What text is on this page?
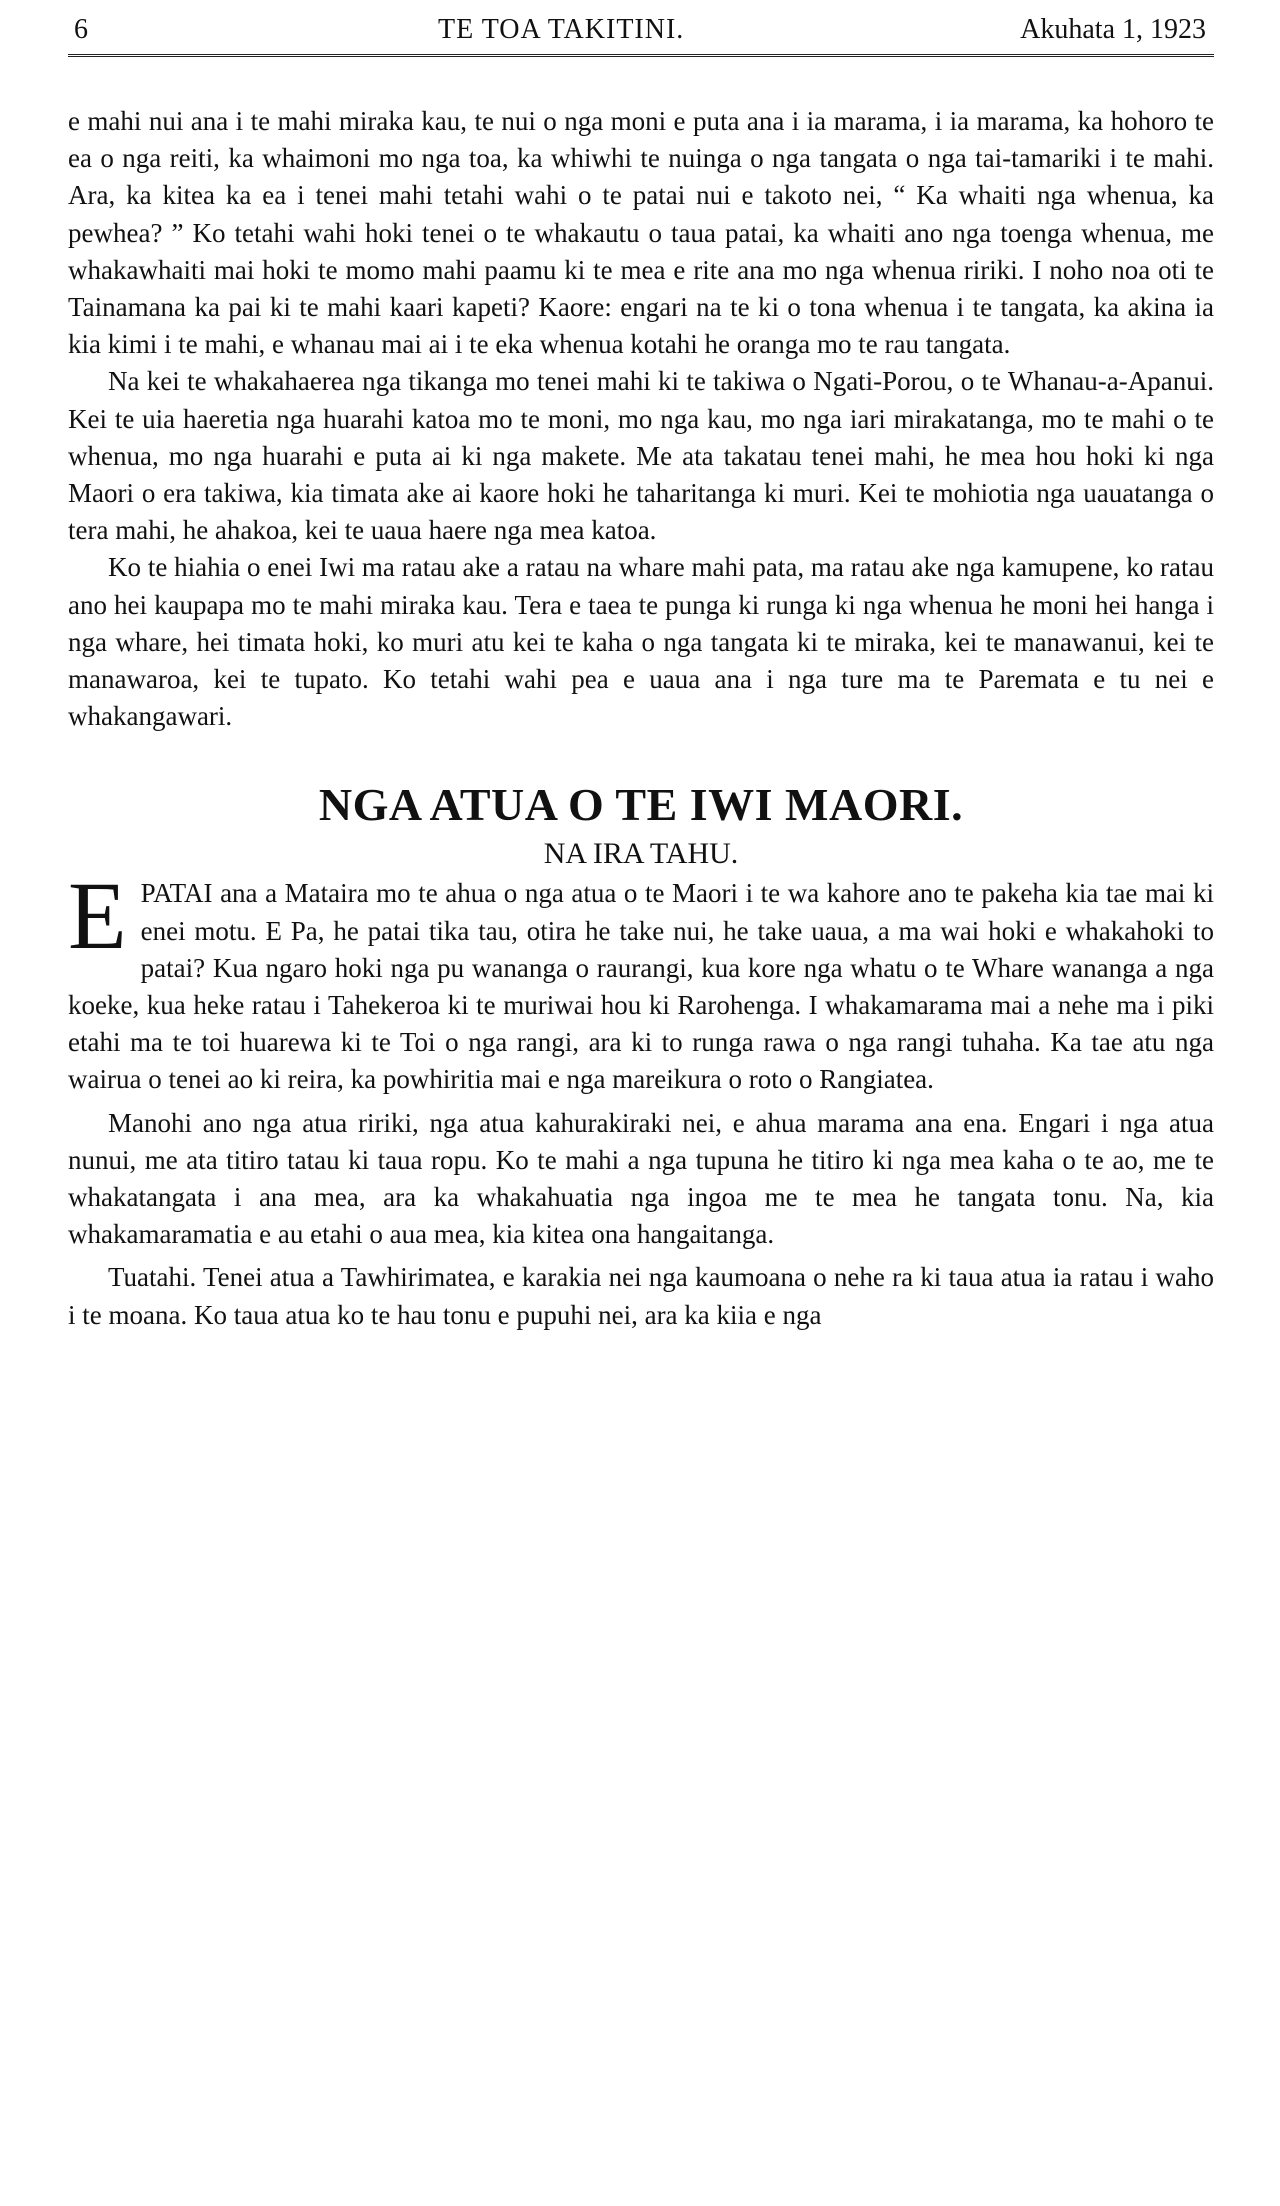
6	TE TOA TAKITINI.	Akuhata 1, 1923

e mahi nui ana i te mahi miraka kau, te nui o nga moni e puta ana i ia marama, i ia marama, ka hohoro te ea o nga reiti, ka whaimoni mo nga toa, ka whiwhi te nuinga o nga tangata o nga tai-tamariki i te mahi. Ara, ka kitea ka ea i tenei mahi tetahi wahi o te patai nui e takoto nei, “ Ka whaiti nga whenua, ka pewhea? ” Ko tetahi wahi hoki tenei o te whakautu o taua patai, ka whaiti ano nga toenga whenua, me whakawhaiti mai hoki te momo mahi paamu ki te mea e rite ana mo nga whenua ririki. I noho noa oti te Tainamana ka pai ki te mahi kaari kapeti? Kaore: engari na te ki o tona whenua i te tangata, ka akina ia kia kimi i te mahi, e whanau mai ai i te eka whenua kotahi he oranga mo te rau tangata.

Na kei te whakahaerea nga tikanga mo tenei mahi ki te takiwa o Ngati-Porou, o te Whanau-a-Apanui. Kei te uia haeretia nga huarahi katoa mo te moni, mo nga kau, mo nga iari mirakatanga, mo te mahi o te whenua, mo nga huarahi e puta ai ki nga makete. Me ata takatau tenei mahi, he mea hou hoki ki nga Maori o era takiwa, kia timata ake ai kaore hoki he taharitanga ki muri. Kei te mohiotia nga uauatanga o tera mahi, he ahakoa, kei te uaua haere nga mea katoa.

Ko te hiahia o enei Iwi ma ratau ake a ratau na whare mahi pata, ma ratau ake nga kamupene, ko ratau ano hei kaupapa mo te mahi miraka kau. Tera e taea te punga ki runga ki nga whenua he moni hei hanga i nga whare, hei timata hoki, ko muri atu kei te kaha o nga tangata ki te miraka, kei te manawanui, kei te manawaroa, kei te tupato. Ko tetahi wahi pea e uaua ana i nga ture ma te Paremata e tu nei e whakangawari.

NGA ATUA O TE IWI MAORI.
NA IRA TAHU.

EPATAI ana a Mataira mo te ahua o nga atua o te Maori i te wa kahore ano te pakeha kia tae mai ki enei motu. E Pa, he patai tika tau, otira he take nui, he take uaua, a ma wai hoki e whakahoki to patai? Kua ngaro hoki nga pu wananga o raurangi, kua kore nga whatu o te Whare wananga a nga koeke, kua heke ratau i Tahekeroa ki te muriwai hou ki Rarohenga. I whakamarama mai a nehe ma i piki etahi ma te toi huarewa ki te Toi o nga rangi, ara ki to runga rawa o nga rangi tuhaha. Ka tae atu nga wairua o tenei ao ki reira, ka powhiritia mai e nga mareikura o roto o Rangiatea.

Manohi ano nga atua ririki, nga atua kahurakiraki nei, e ahua marama ana ena. Engari i nga atua nunui, me ata titiro tatau ki taua ropu. Ko te mahi a nga tupuna he titiro ki nga mea kaha o te ao, me te whakatangata i ana mea, ara ka whakahuatia nga ingoa me te mea he tangata tonu. Na, kia whakamaramatia e au etahi o aua mea, kia kitea ona hangaitanga.

Tuatahi. Tenei atua a Tawhirimatea, e karakia nei nga kaumoana o nehe ra ki taua atua ia ratau i waho i te moana. Ko taua atua ko te hau tonu e pupuhi nei, ara ka kiia e nga
